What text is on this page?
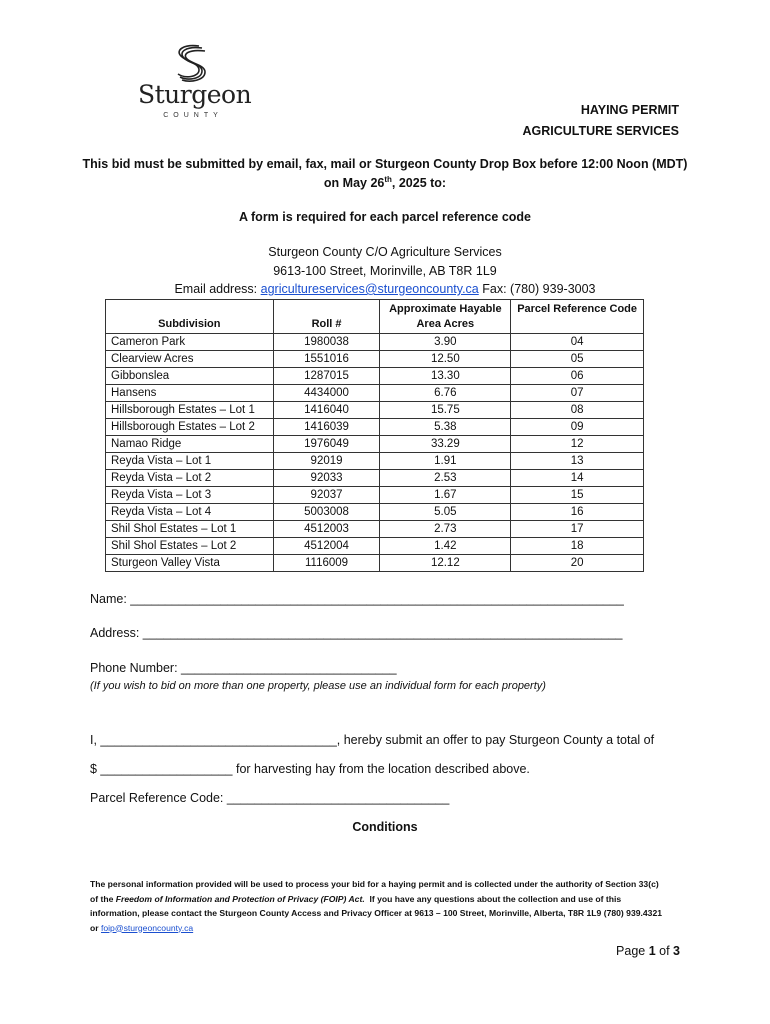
Sturgeon
COUNTY	HAYING PERMIT
AGRICULTURE SERVICES
This bid must be submitted by email, fax, mail or Sturgeon County Drop Box before 12:00 Noon (MDT)
on May 26th, 2025 to:
A form is required for each parcel reference code
Sturgeon County C/O Agriculture Services
9613-100 Street, Morinville, AB T8R 1L9
Email address: agricultureservices@sturgeoncounty.ca Fax: (780) 939-3003
Subdivision	Roll #	Approximate Hayable Area Acres	Parcel Reference Code
Cameron Park	1980038	3.90	04
Clearview Acres	1551016	12.50	05
Gibbonslea	1287015	13.30	06
Hansens	4434000	6.76	07
Hillsborough Estates – Lot 1	1416040	15.75	08
Hillsborough Estates – Lot 2	1416039	5.38	09
Namao Ridge	1976049	33.29	12
Reyda Vista – Lot 1	92019	1.91	13
Reyda Vista – Lot 2	92033	2.53	14
Reyda Vista – Lot 3	92037	1.67	15
Reyda Vista – Lot 4	5003008	5.05	16
Shil Shol Estates – Lot 1	4512003	2.73	17
Shil Shol Estates – Lot 2	4512004	1.42	18
Sturgeon Valley Vista	1116009	12.12	20
Name: _______________________________________________________________________
Address: _____________________________________________________________________
Phone Number: _______________________________
(If you wish to bid on more than one property, please use an individual form for each property)
I, __________________________________, hereby submit an offer to pay Sturgeon County a total of
$ ___________________ for harvesting hay from the location described above.
Parcel Reference Code: ________________________________
Conditions
The personal information provided will be used to process your bid for a haying permit and is collected under the authority of Section 33(c)
of the Freedom of Information and Protection of Privacy (FOIP) Act.  If you have any questions about the collection and use of this
information, please contact the Sturgeon County Access and Privacy Officer at 9613 – 100 Street, Morinville, Alberta, T8R 1L9 (780) 939.4321
or foip@sturgeoncounty.ca
Page 1 of 3
